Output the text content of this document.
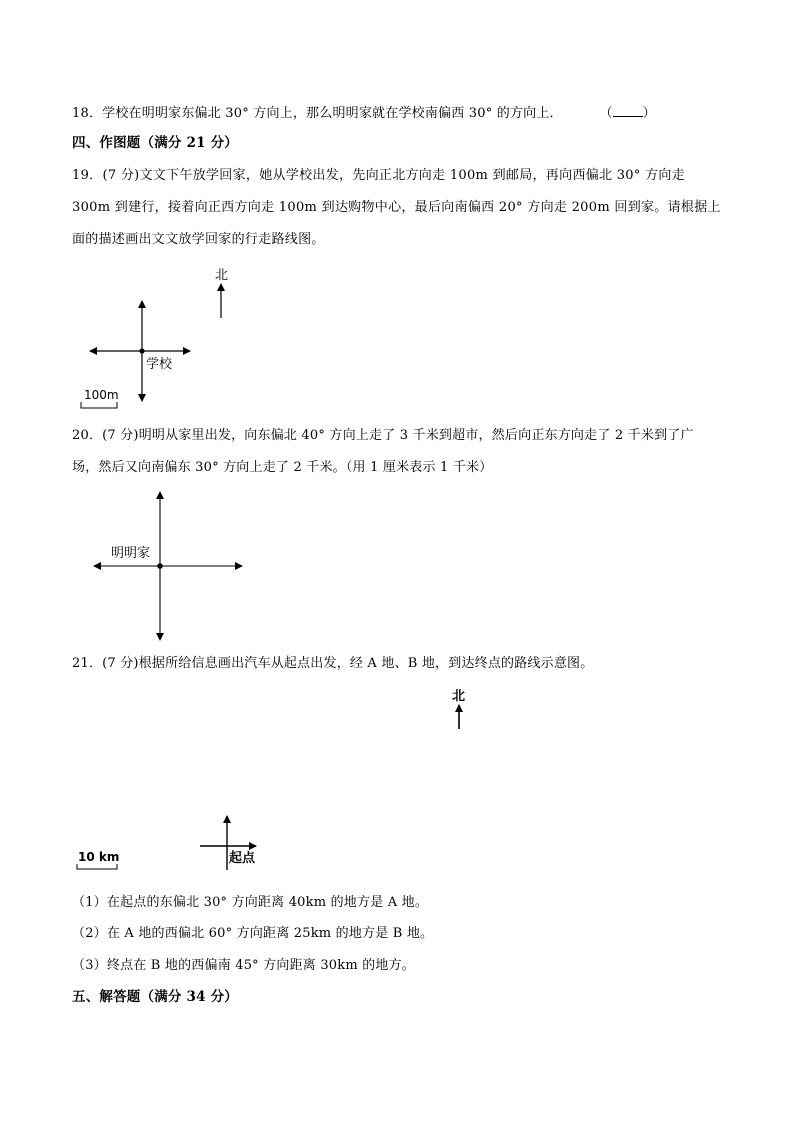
18．学校在明明家东偏北 30° 方向上，那么明明家就在学校南偏西 30° 的方向上．	（ ）
四、作图题（满分 21 分）
19．(7 分)文文下午放学回家，她从学校出发，先向正北方向走 100m 到邮局，再向西偏北 30° 方向走 300m 到建行，接着向正西方向走 100m 到达购物中心，最后向南偏西 20° 方向走 200m 回到家。请根据上面的描述画出文文放学回家的行走路线图。
20．(7 分)明明从家里出发，向东偏北 40° 方向上走了 3 千米到超市，然后向正东方向走了 2 千米到了广
场，然后又向南偏东 30° 方向上走了 2 千米。（用 1 厘米表示 1 千米）
21．(7 分)根据所给信息画出汽车从起点出发，经 A 地、B 地，到达终点的路线示意图。
（1）在起点的东偏北 30° 方向距离 40km 的地方是 A 地。
（2）在 A 地的西偏北 60° 方向距离 25km 的地方是 B 地。
（3）终点在 B 地的西偏南 45° 方向距离 30km 的地方。
五、解答题（满分 34 分）
北
学校
100m
明明家
北
起点
10 km
